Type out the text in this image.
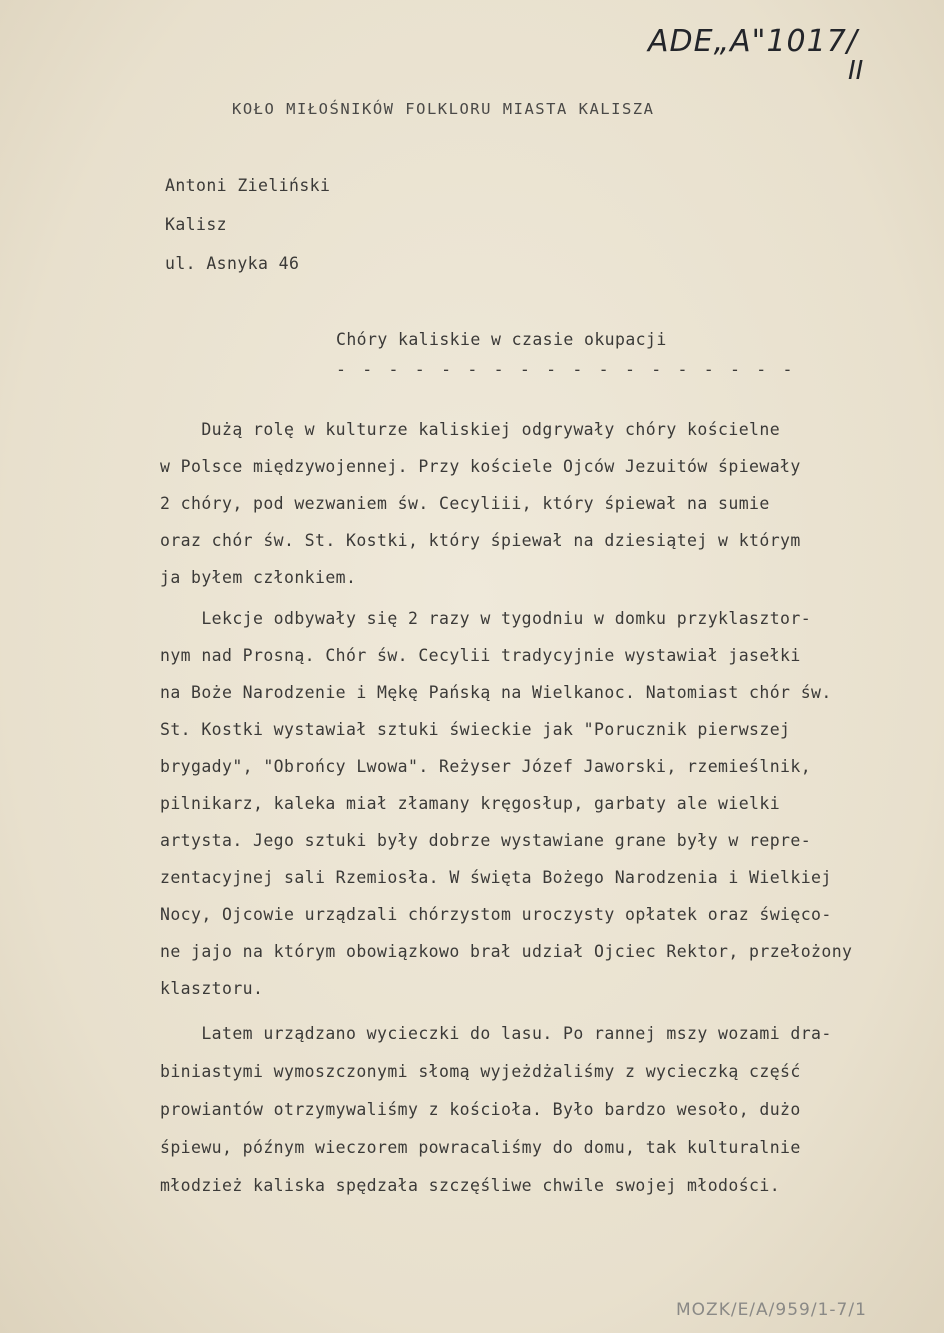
ADE„A"1017/
II
KOŁO MIŁOŚNIKÓW FOLKLORU MIASTA KALISZA
Antoni Zieliński
Kalisz
ul. Asnyka 46
Chóry kaliskie w czasie okupacji
- - - - - - - - - - - - - - - - - -
Dużą rolę w kulturze kaliskiej odgrywały chóry kościelne
w Polsce międzywojennej. Przy kościele Ojców Jezuitów śpiewały
2 chóry, pod wezwaniem św. Cecyliii, który śpiewał na sumie
oraz chór św. St. Kostki, który śpiewał na dziesiątej w którym
ja byłem członkiem.
Lekcje odbywały się 2 razy w tygodniu w domku przyklasztor-
nym nad Prosną. Chór św. Cecylii tradycyjnie wystawiał jasełki
na Boże Narodzenie i Mękę Pańską na Wielkanoc. Natomiast chór św.
St. Kostki wystawiał sztuki świeckie jak "Porucznik pierwszej
brygady", "Obrońcy Lwowa". Reżyser Józef Jaworski, rzemieślnik,
pilnikarz, kaleka miał złamany kręgosłup, garbaty ale wielki
artysta. Jego sztuki były dobrze wystawiane grane były w repre-
zentacyjnej sali Rzemiosła. W święta Bożego Narodzenia i Wielkiej
Nocy, Ojcowie urządzali chórzystom uroczysty opłatek oraz święco-
ne jajo na którym obowiązkowo brał udział Ojciec Rektor, przełożony
klasztoru.
Latem urządzano wycieczki do lasu. Po rannej mszy wozami dra-
biniastymi wymoszczonymi słomą wyjeżdżaliśmy z wycieczką część
prowiantów otrzymywaliśmy z kościoła. Było bardzo wesoło, dużo
śpiewu, późnym wieczorem powracaliśmy do domu, tak kulturalnie
młodzież kaliska spędzała szczęśliwe chwile swojej młodości.
MOZK/E/A/959/1-7/1
